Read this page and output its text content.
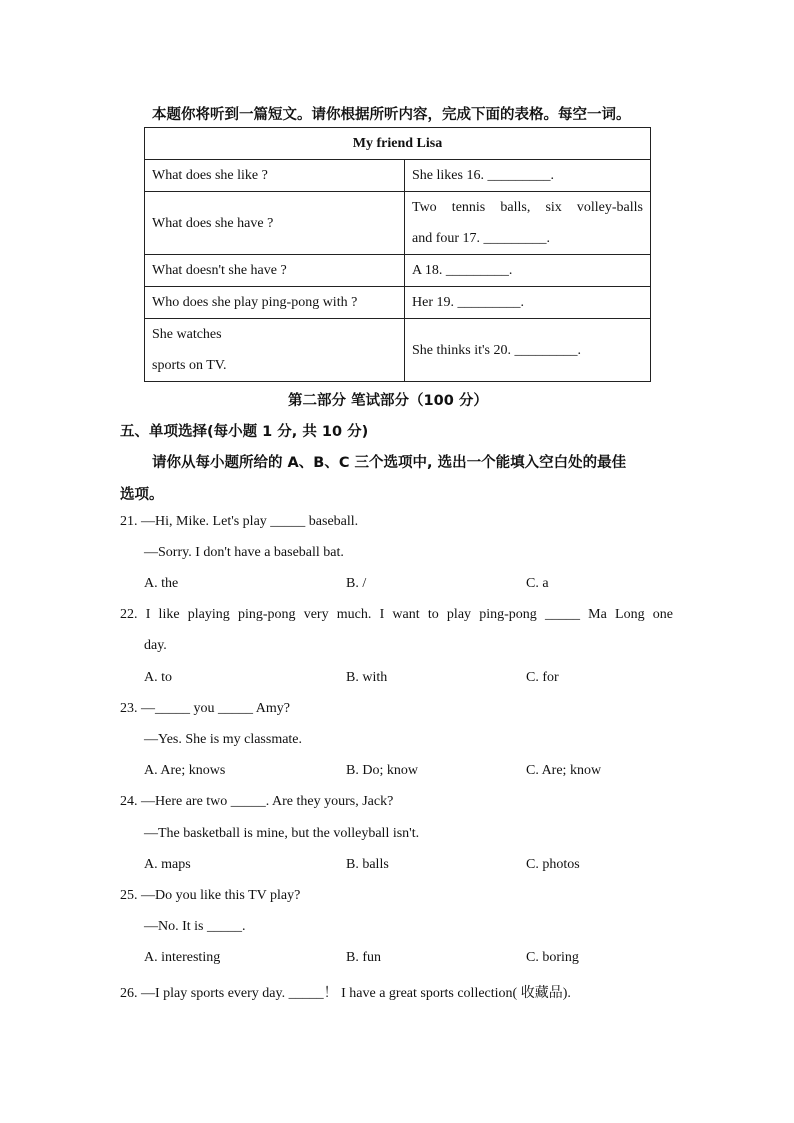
本题你将听到一篇短文。请你根据所听内容，完成下面的表格。每空一词。
My friend Lisa	
What does she like ?	She likes 16. _________.
What does she have ?	Two tennis balls, six volley-balls
and four 17. _________.

What doesn't she have ?	A 18. _________.
Who does she play ping-pong with ?	Her 19. _________.

She watches
sports on TV.	She thinks it's 20. _________.
第二部分 笔试部分（100 分）
五、单项选择(每小题 1 分, 共 10 分)
请你从每小题所给的 A、B、C 三个选项中, 选出一个能填入空白处的最佳
选项。
21. —Hi, Mike. Let's play _____ baseball.
—Sorry. I don't have a baseball bat.
A. the	B. /	C. a
22. I like playing ping-pong very much. I want to play ping-pong _____ Ma Long one
day.
A. to	B. with	C. for
23. —_____ you _____ Amy?
—Yes. She is my classmate.
A. Are; knows	B. Do; know	C. Are; know
24. —Here are two _____. Are they yours, Jack?
—The basketball is mine, but the volleyball isn't.
A. maps	B. balls	C. photos
25. —Do you like this TV play?
—No. It is _____.
A. interesting	B. fun	C. boring
26. —I play sports every day. _____！ I have a great sports collection( 收藏品).
